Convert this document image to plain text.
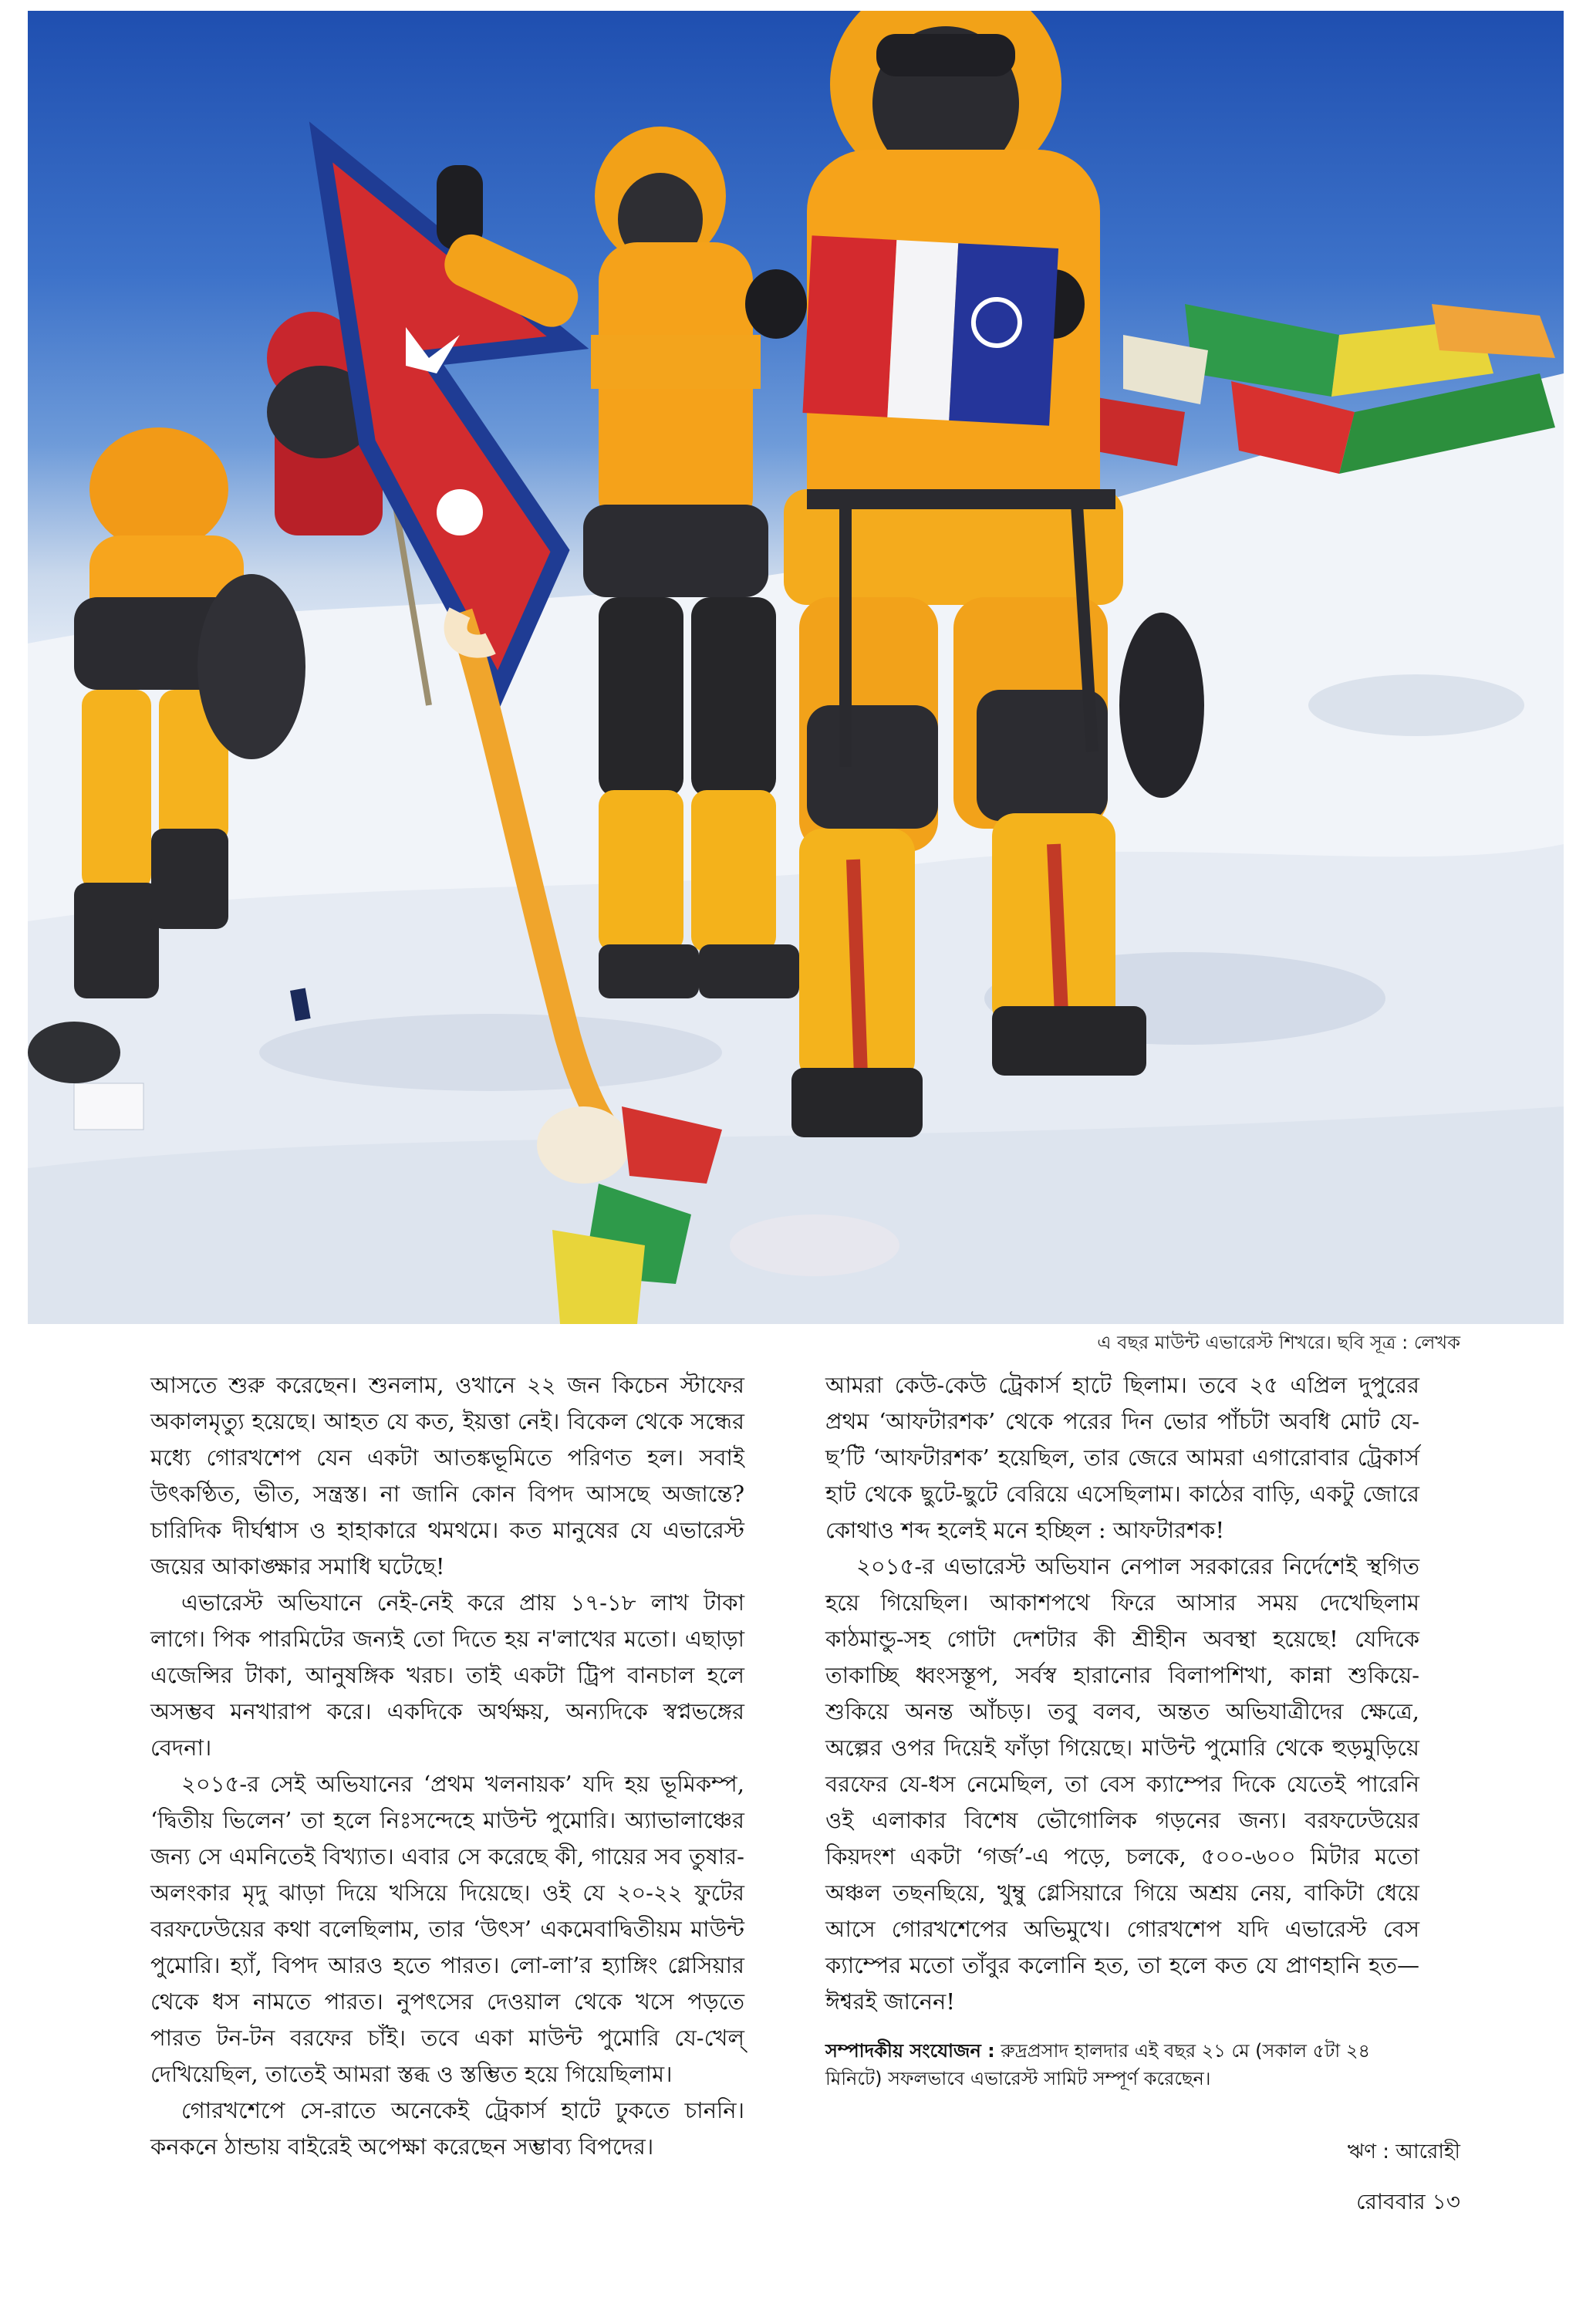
এ বছর মাউন্ট এভারেস্ট শিখরে। ছবি সূত্র : লেখক

আসতে শুরু করেছেন। শুনলাম, ওখানে ২২ জন কিচেন স্টাফের অকালমৃত্যু হয়েছে। আহত যে কত, ইয়ত্তা নেই। বিকেল থেকে সন্ধের মধ্যে গোরখশেপ যেন একটা আতঙ্কভূমিতে পরিণত হল। সবাই উৎকণ্ঠিত, ভীত, সন্ত্রস্ত। না জানি কোন বিপদ আসছে অজান্তে? চারিদিক দীর্ঘশ্বাস ও হাহাকারে থমথমে। কত মানুষের যে এভারেস্ট জয়ের আকাঙ্ক্ষার সমাধি ঘটেছে!

এভারেস্ট অভিযানে নেই-নেই করে প্রায় ১৭-১৮ লাখ টাকা লাগে। পিক পারমিটের জন্যই তো দিতে হয় ন'লাখের মতো। এছাড়া এজেন্সির টাকা, আনুষঙ্গিক খরচ। তাই একটা ট্রিপ বানচাল হলে অসম্ভব মনখারাপ করে। একদিকে অর্থক্ষয়, অন্যদিকে স্বপ্নভঙ্গের বেদনা।

২০১৫-র সেই অভিযানের ‘প্রথম খলনায়ক’ যদি হয় ভূমিকম্প, ‘দ্বিতীয় ভিলেন’ তা হলে নিঃসন্দেহে মাউন্ট পুমোরি। অ্যাভালাঞ্চের জন্য সে এমনিতেই বিখ্যাত। এবার সে করেছে কী, গায়ের সব তুষার-অলংকার মৃদু ঝাড়া দিয়ে খসিয়ে দিয়েছে। ওই যে ২০-২২ ফুটের বরফঢেউয়ের কথা বলেছিলাম, তার ‘উৎস’ একমেবাদ্বিতীয়ম মাউন্ট পুমোরি। হ্যাঁ, বিপদ আরও হতে পারত। লো-লা’র হ্যাঙ্গিং গ্লেসিয়ার থেকে ধস নামতে পারত। নুপৎসের দেওয়াল থেকে খসে পড়তে পারত টন-টন বরফের চাঁই। তবে একা মাউন্ট পুমোরি যে-খেল্ দেখিয়েছিল, তাতেই আমরা স্তব্ধ ও স্তম্ভিত হয়ে গিয়েছিলাম।

গোরখশেপে সে-রাতে অনেকেই ট্রেকার্স হাটে ঢুকতে চাননি। কনকনে ঠান্ডায় বাইরেই অপেক্ষা করেছেন সম্ভাব্য বিপদের।

আমরা কেউ-কেউ ট্রেকার্স হাটে ছিলাম। তবে ২৫ এপ্রিল দুপুরের প্রথম ‘আফটারশক’ থেকে পরের দিন ভোর পাঁচটা অবধি মোট যে-ছ’টি ‘আফটারশক’ হয়েছিল, তার জেরে আমরা এগারোবার ট্রেকার্স হাট থেকে ছুটে-ছুটে বেরিয়ে এসেছিলাম। কাঠের বাড়ি, একটু জোরে কোথাও শব্দ হলেই মনে হচ্ছিল : আফটারশক!

২০১৫-র এভারেস্ট অভিযান নেপাল সরকারের নির্দেশেই স্থগিত হয়ে গিয়েছিল। আকাশপথে ফিরে আসার সময় দেখেছিলাম কাঠমান্ডু-সহ গোটা দেশটার কী শ্রীহীন অবস্থা হয়েছে! যেদিকে তাকাচ্ছি ধ্বংসস্তূপ, সর্বস্ব হারানোর বিলাপশিখা, কান্না শুকিয়ে-শুকিয়ে অনন্ত আঁচড়। তবু বলব, অন্তত অভিযাত্রীদের ক্ষেত্রে, অল্পের ওপর দিয়েই ফাঁড়া গিয়েছে। মাউন্ট পুমোরি থেকে হুড়মুড়িয়ে বরফের যে-ধস নেমেছিল, তা বেস ক্যাম্পের দিকে যেতেই পারেনি ওই এলাকার বিশেষ ভৌগোলিক গড়নের জন্য। বরফঢেউয়ের কিয়দংশ একটা ‘গর্জ’-এ পড়ে, চলকে, ৫০০-৬০০ মিটার মতো অঞ্চল তছনছিয়ে, খুম্বু গ্লেসিয়ারে গিয়ে অশ্রয় নেয়, বাকিটা ধেয়ে আসে গোরখশেপের অভিমুখে। গোরখশেপ যদি এভারেস্ট বেস ক্যাম্পের মতো তাঁবুর কলোনি হত, তা হলে কত যে প্রাণহানি হত—ঈশ্বরই জানেন!

সম্পাদকীয় সংযোজন : রুদ্রপ্রসাদ হালদার এই বছর ২১ মে (সকাল ৫টা ২৪ মিনিটে) সফলভাবে এভারেস্ট সামিট সম্পূর্ণ করেছেন।
ঋণ : আরোহী
রোববার ১৩
